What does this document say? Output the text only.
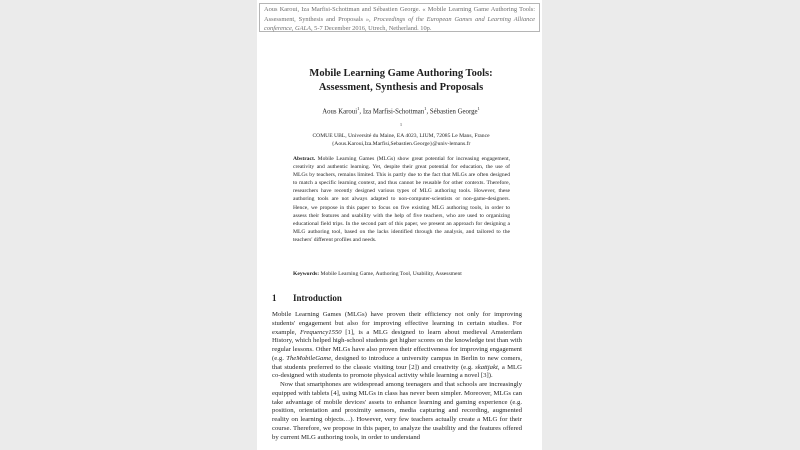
Aous Karoui, Iza Marfisi-Schottman and Sébastien George. « Mobile Learning Game Authoring Tools: Assessment, Synthesis and Proposals », Proceedings of the European Games and Learning Alliance conference, GALA, 5-7 December 2016, Utrech, Netherland. 10p.
Mobile Learning Game Authoring Tools:
Assessment, Synthesis and Proposals
Aous Karoui$^1$, Iza Marfisi-Schottman$^1$, Sébastien George$^1$
$^1$
COMUE UBL, Université du Maine, EA 4023, LIUM, 72085 Le Mans, France
{Aous.Karoui,Iza.Marfisi,Sebastien.George}@univ-lemans.fr
Abstract. Mobile Learning Games (MLGs) show great potential for increasing engagement, creativity and authentic learning. Yet, despite their great potential for education, the use of MLGs by teachers, remains limited. This is partly due to the fact that MLGs are often designed to match a specific learning context, and thus cannot be reusable for other contexts. Therefore, researchers have recently designed various types of MLG authoring tools. However, these authoring tools are not always adapted to non-computer-scientists or non-game-designers. Hence, we propose in this paper to focus on five existing MLG authoring tools, in order to assess their features and usability with the help of five teachers, who are used to organizing educational field trips. In the second part of this paper, we present an approach for designing a MLG authoring tool, based on the lacks identified through the analysis, and tailored to the teachers' different profiles and needs.
Keywords: Mobile Learning Game, Authoring Tool, Usability, Assessment
1 Introduction

Mobile Learning Games (MLGs) have proven their efficiency not only for improving students' engagement but also for improving effective learning in certain studies. For example, Frequency1550 [1], is a MLG designed to learn about medieval Amsterdam History, which helped high-school students get higher scores on the knowledge test than with regular lessons. Other MLGs have also proven their effectiveness for improving engagement (e.g. TheMobileGame, designed to introduce a university campus in Berlin to new comers, that students preferred to the classic visiting tour [2]) and creativity (e.g. skattjakt, a MLG co-designed with students to promote physical activity while learning a novel [3]).

Now that smartphones are widespread among teenagers and that schools are increasingly equipped with tablets [4], using MLGs in class has never been simpler. Moreover, MLGs can take advantage of mobile devices' assets to enhance learning and gaming experience (e.g. position, orientation and proximity sensors, media capturing and recording, augmented reality on learning objects…). However, very few teachers actually create a MLG for their course. Therefore, we propose in this paper, to analyze the usability and the features offered by current MLG authoring tools, in order to understand
